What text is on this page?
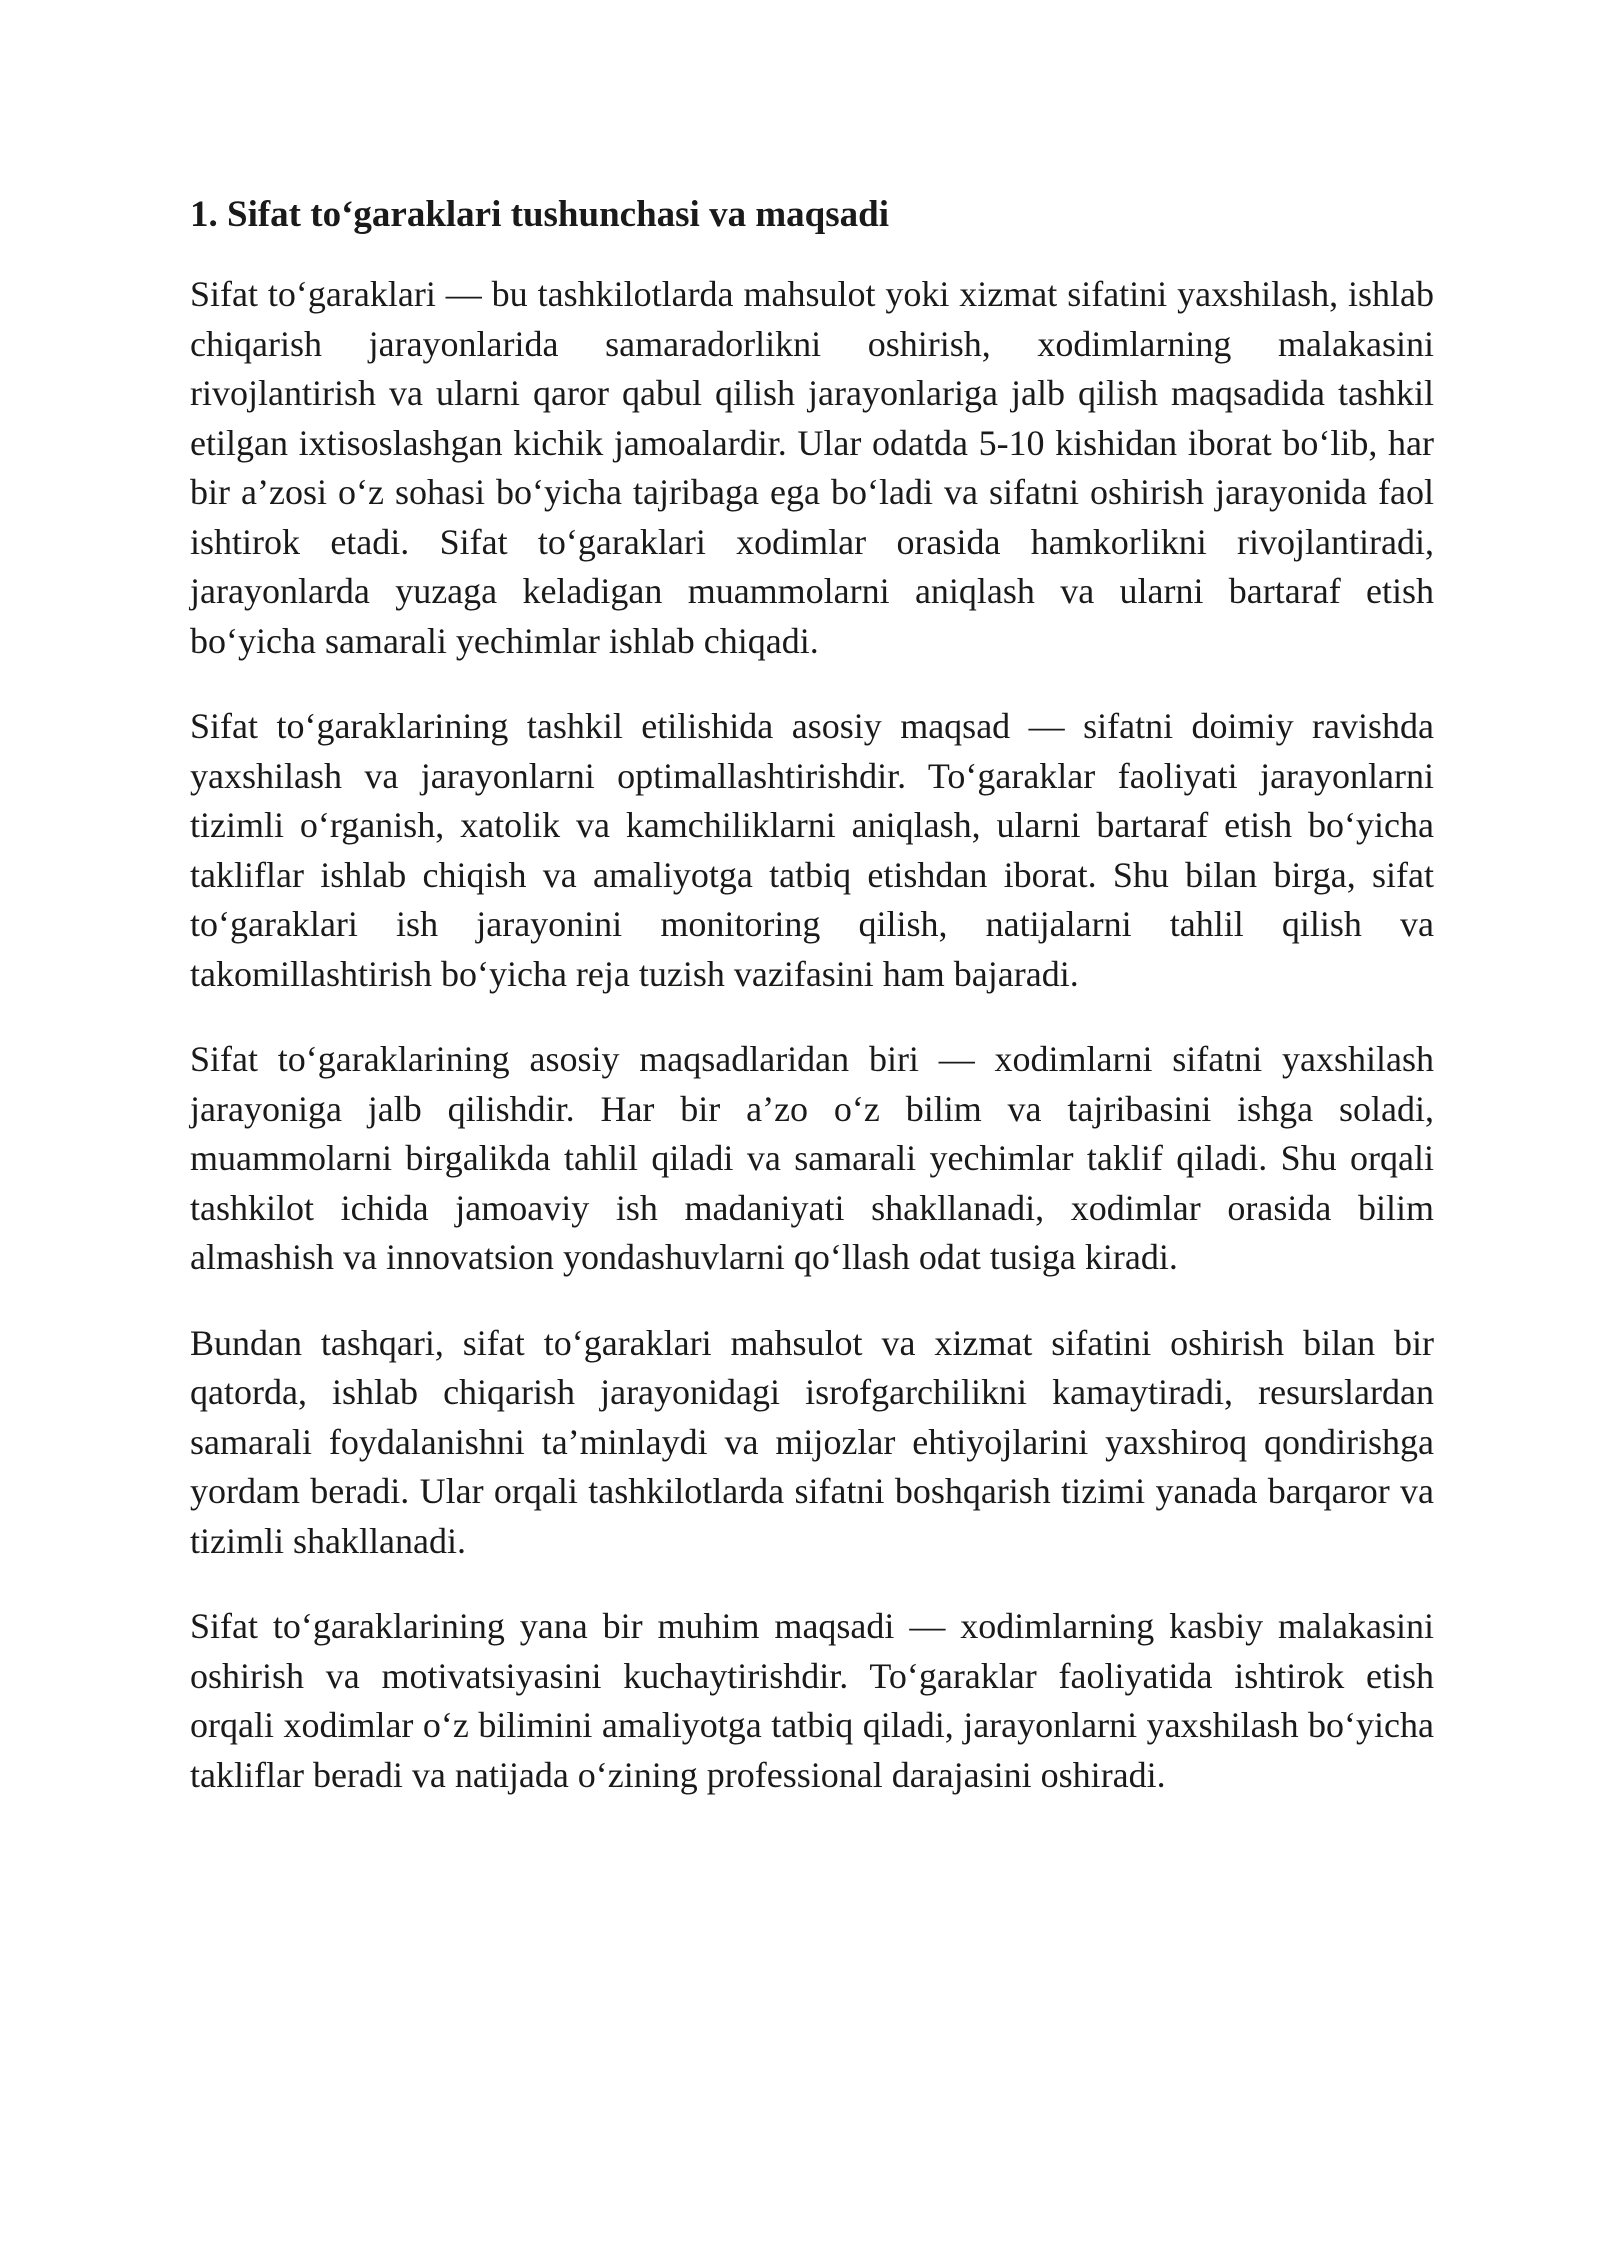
1. Sifat to‘garaklari tushunchasi va maqsadi

Sifat to‘garaklari — bu tashkilotlarda mahsulot yoki xizmat sifatini yaxshilash, ishlab chiqarish jarayonlarida samaradorlikni oshirish, xodimlarning malakasini rivojlantirish va ularni qaror qabul qilish jarayonlariga jalb qilish maqsadida tashkil etilgan ixtisoslashgan kichik jamoalardir. Ular odatda 5-10 kishidan iborat bo‘lib, har bir a’zosi o‘z sohasi bo‘yicha tajribaga ega bo‘ladi va sifatni oshirish jarayonida faol ishtirok etadi. Sifat to‘garaklari xodimlar orasida hamkorlikni rivojlantiradi, jarayonlarda yuzaga keladigan muammolarni aniqlash va ularni bartaraf etish bo‘yicha samarali yechimlar ishlab chiqadi.

Sifat to‘garaklarining tashkil etilishida asosiy maqsad — sifatni doimiy ravishda yaxshilash va jarayonlarni optimallashtirishdir. To‘garaklar faoliyati jarayonlarni tizimli o‘rganish, xatolik va kamchiliklarni aniqlash, ularni bartaraf etish bo‘yicha takliflar ishlab chiqish va amaliyotga tatbiq etishdan iborat. Shu bilan birga, sifat to‘garaklari ish jarayonini monitoring qilish, natijalarni tahlil qilish va takomillashtirish bo‘yicha reja tuzish vazifasini ham bajaradi.

Sifat to‘garaklarining asosiy maqsadlaridan biri — xodimlarni sifatni yaxshilash jarayoniga jalb qilishdir. Har bir a’zo o‘z bilim va tajribasini ishga soladi, muammolarni birgalikda tahlil qiladi va samarali yechimlar taklif qiladi. Shu orqali tashkilot ichida jamoaviy ish madaniyati shakllanadi, xodimlar orasida bilim almashish va innovatsion yondashuvlarni qo‘llash odat tusiga kiradi.

Bundan tashqari, sifat to‘garaklari mahsulot va xizmat sifatini oshirish bilan bir qatorda, ishlab chiqarish jarayonidagi isrofgarchilikni kamaytiradi, resurslardan samarali foydalanishni ta’minlaydi va mijozlar ehtiyojlarini yaxshiroq qondirishga yordam beradi. Ular orqali tashkilotlarda sifatni boshqarish tizimi yanada barqaror va tizimli shakllanadi.

Sifat to‘garaklarining yana bir muhim maqsadi — xodimlarning kasbiy malakasini oshirish va motivatsiyasini kuchaytirishdir. To‘garaklar faoliyatida ishtirok etish orqali xodimlar o‘z bilimini amaliyotga tatbiq qiladi, jarayonlarni yaxshilash bo‘yicha takliflar beradi va natijada o‘zining professional darajasini oshiradi.
